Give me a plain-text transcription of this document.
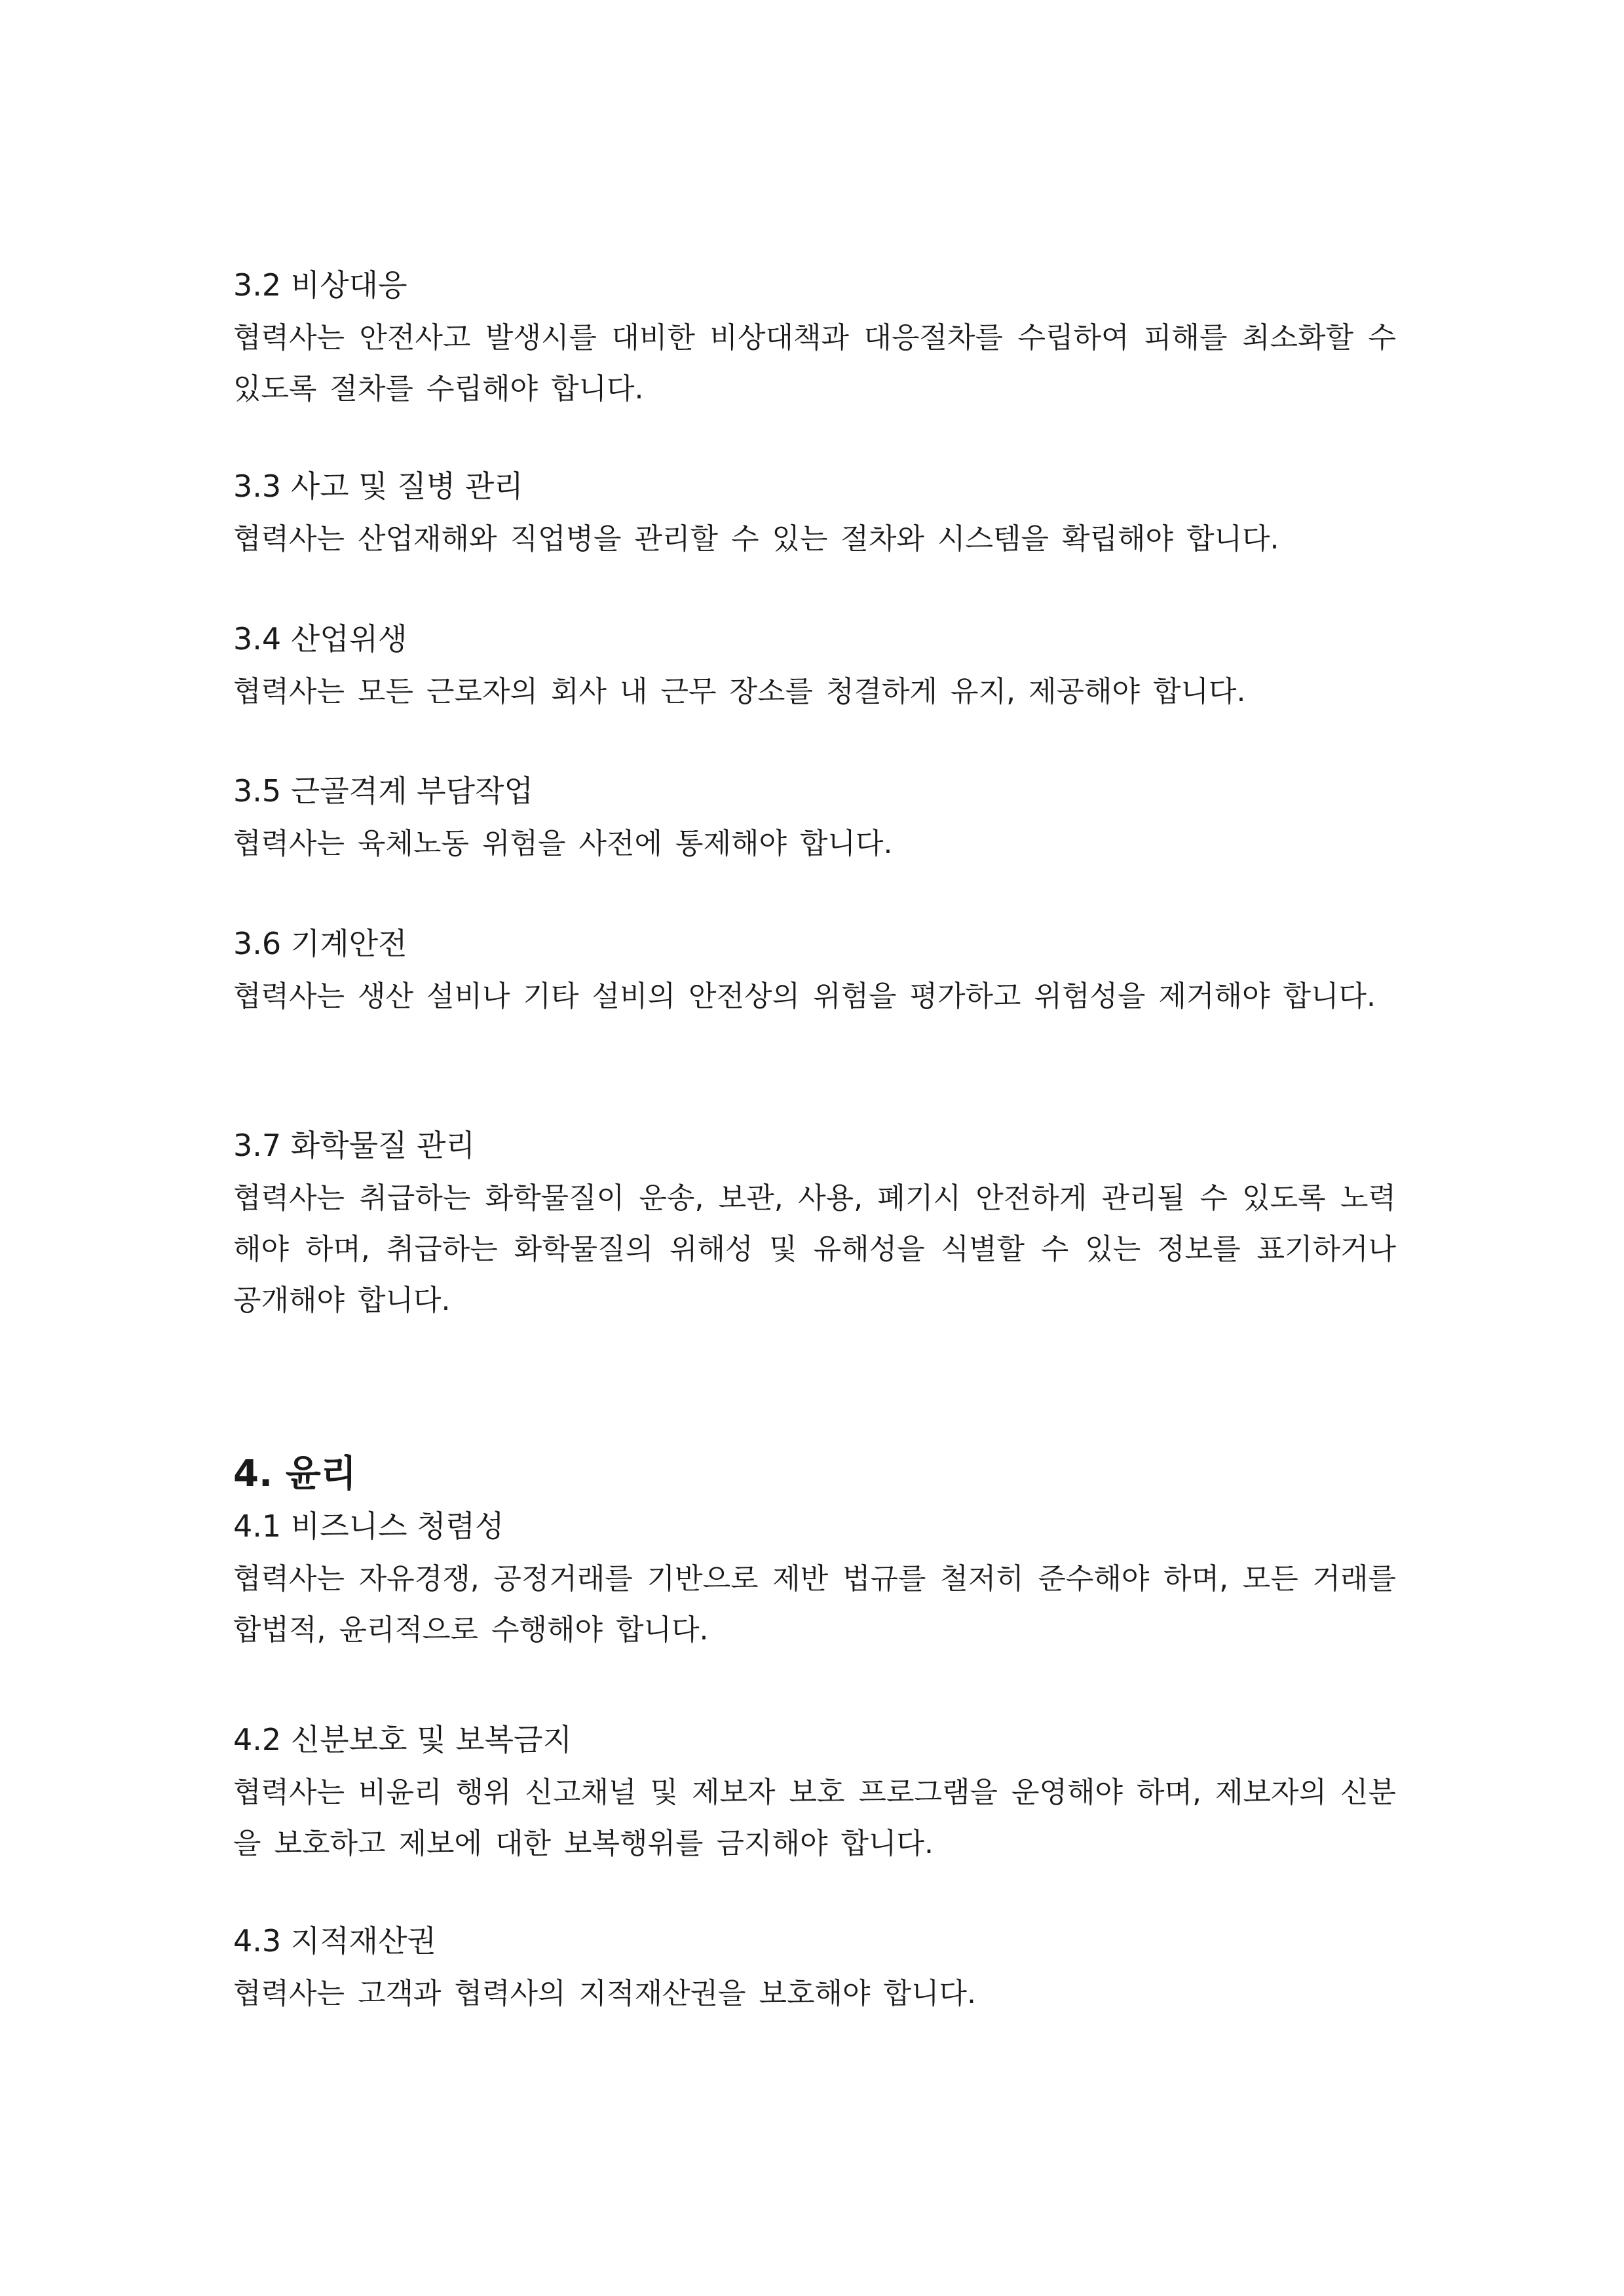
3.2 비상대응

협력사는 안전사고 발생시를 대비한 비상대책과 대응절차를 수립하여 피해를 최소화할 수 있도록 절차를 수립해야 합니다.

3.3 사고 및 질병 관리

협력사는 산업재해와 직업병을 관리할 수 있는 절차와 시스템을 확립해야 합니다.

3.4 산업위생

협력사는 모든 근로자의 회사 내 근무 장소를 청결하게 유지, 제공해야 합니다.

3.5 근골격계 부담작업

협력사는 육체노동 위험을 사전에 통제해야 합니다.

3.6 기계안전

협력사는 생산 설비나 기타 설비의 안전상의 위험을 평가하고 위험성을 제거해야 합니다.

3.7 화학물질 관리

협력사는 취급하는 화학물질이 운송, 보관, 사용, 폐기시 안전하게 관리될 수 있도록 노력해야 하며, 취급하는 화학물질의 위해성 및 유해성을 식별할 수 있는 정보를 표기하거나 공개해야 합니다.

4. 윤리
4.1 비즈니스 청렴성

협력사는 자유경쟁, 공정거래를 기반으로 제반 법규를 철저히 준수해야 하며, 모든 거래를 합법적, 윤리적으로 수행해야 합니다.

4.2 신분보호 및 보복금지

협력사는 비윤리 행위 신고채널 및 제보자 보호 프로그램을 운영해야 하며, 제보자의 신분을 보호하고 제보에 대한 보복행위를 금지해야 합니다.

4.3 지적재산권

협력사는 고객과 협력사의 지적재산권을 보호해야 합니다.
